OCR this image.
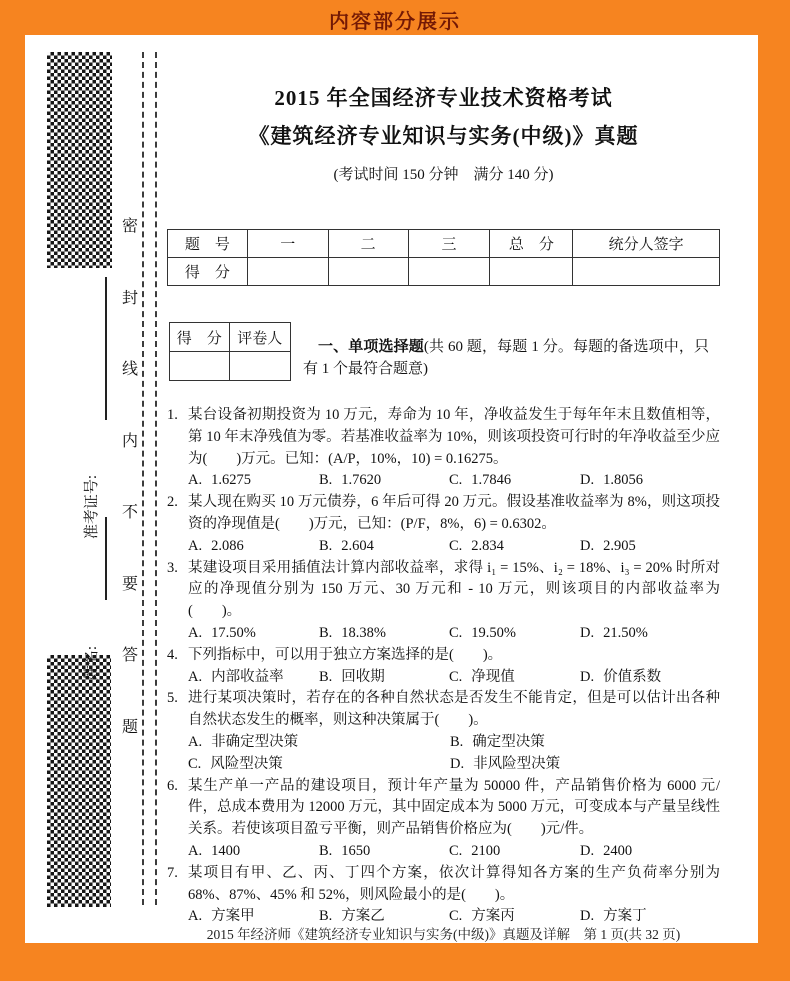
内容部分展示
准考证号:
姓名:
密
封
线
内
不
要
答
题
2015 年全国经济专业技术资格考试
《建筑经济专业知识与实务(中级)》真题
(考试时间 150 分钟　满分 140 分)
题　号	一	二	三	总　分	统分人签字
得　分					
得　分	评卷人

一、单项选择题(共 60 题，每题 1 分。每题的备选项中，只有 1 个最符合题意)

1. 某台设备初期投资为 10 万元，寿命为 10 年，净收益发生于每年年末且数值相等，第 10 年末净残值为零。若基准收益率为 10%，则该项投资可行时的年净收益至少应为(　　)万元。已知：(A/P，10%，10) = 0.16275。
A. 1.6275	B. 1.7620	C. 1.7846	D. 1.8056
2. 某人现在购买 10 万元债券，6 年后可得 20 万元。假设基准收益率为 8%，则这项投资的净现值是(　　)万元，已知：(P/F，8%，6) = 0.6302。
A. 2.086	B. 2.604	C. 2.834	D. 2.905
3. 某建设项目采用插值法计算内部收益率，求得 i₁ = 15%、i₂ = 18%、i₃ = 20% 时所对应的净现值分别为 150 万元、30 万元和 - 10 万元，则该项目的内部收益率为(　　)。
A. 17.50%	B. 18.38%	C. 19.50%	D. 21.50%
4. 下列指标中，可以用于独立方案选择的是(　　)。
A. 内部收益率	B. 回收期	C. 净现值	D. 价值系数
5. 进行某项决策时，若存在的各种自然状态是否发生不能肯定，但是可以估计出各种自然状态发生的概率，则这种决策属于(　　)。
A. 非确定型决策	B. 确定型决策
C. 风险型决策	D. 非风险型决策
6. 某生产单一产品的建设项目，预计年产量为 50000 件，产品销售价格为 6000 元/件，总成本费用为 12000 万元，其中固定成本为 5000 万元，可变成本与产量呈线性关系。若使该项目盈亏平衡，则产品销售价格应为(　　)元/件。
A. 1400	B. 1650	C. 2100	D. 2400
7. 某项目有甲、乙、丙、丁四个方案，依次计算得知各方案的生产负荷率分别为 68%、87%、45% 和 52%，则风险最小的是(　　)。
A. 方案甲	B. 方案乙	C. 方案丙	D. 方案丁
2015 年经济师《建筑经济专业知识与实务(中级)》真题及详解　第 1 页(共 32 页)
